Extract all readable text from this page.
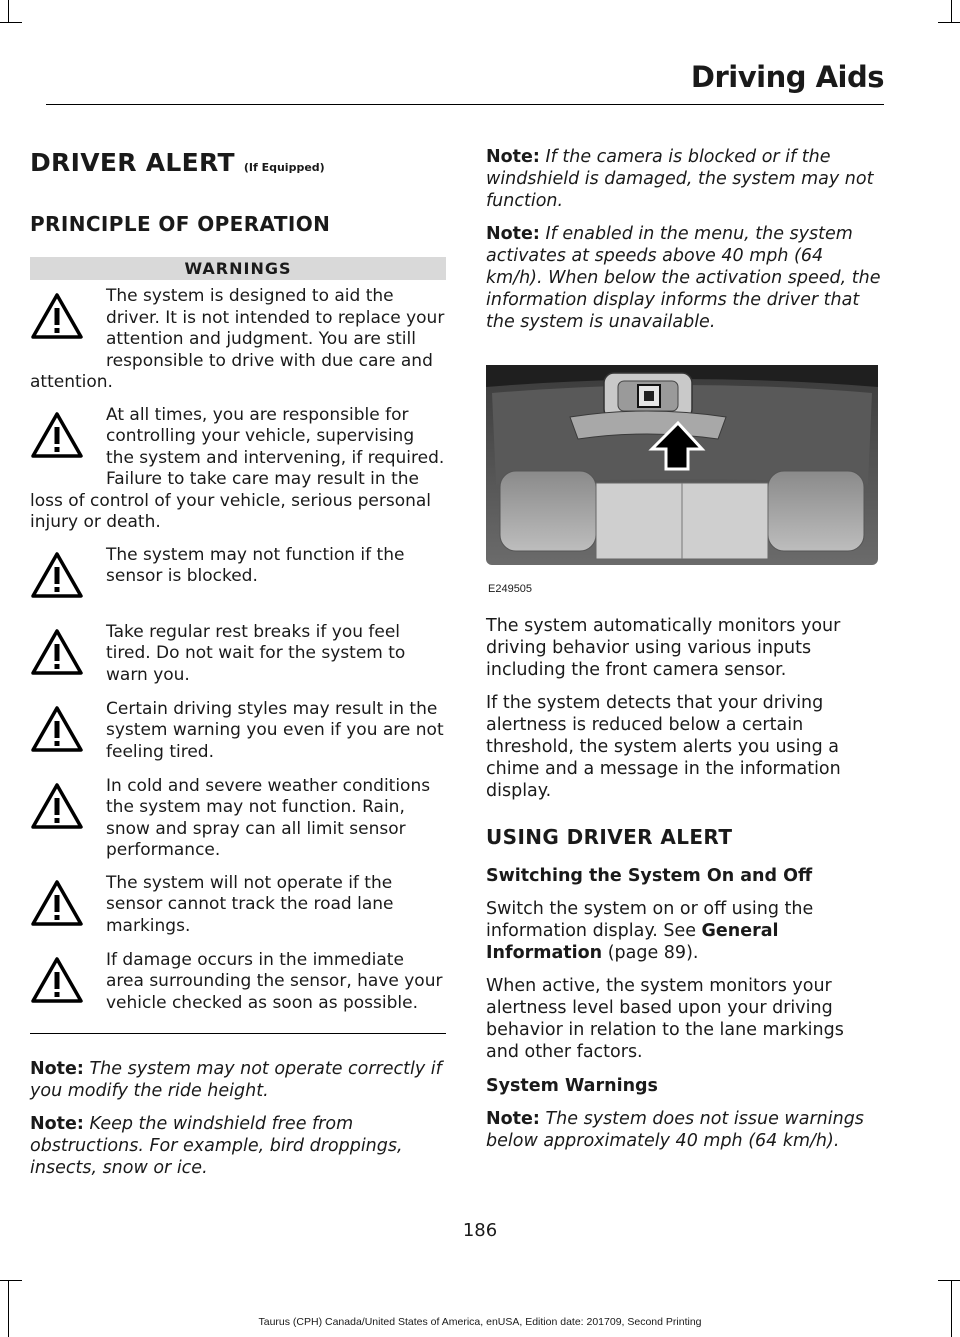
Driving Aids
DRIVER ALERT (If Equipped)
PRINCIPLE OF OPERATION
WARNINGS
The system is designed to aid the driver. It is not intended to replace your attention and judgment. You are still responsible to drive with due care and attention.
At all times, you are responsible for controlling your vehicle, supervising the system and intervening, if required. Failure to take care may result in the loss of control of your vehicle, serious personal injury or death.
The system may not function if the sensor is blocked.
Take regular rest breaks if you feel tired. Do not wait for the system to warn you.
Certain driving styles may result in the system warning you even if you are not feeling tired.
In cold and severe weather conditions the system may not function. Rain, snow and spray can all limit sensor performance.
The system will not operate if the sensor cannot track the road lane markings.
If damage occurs in the immediate area surrounding the sensor, have your vehicle checked as soon as possible.

Note: The system may not operate correctly if you modify the ride height.

Note: Keep the windshield free from obstructions. For example, bird droppings, insects, snow or ice.

Note: If the camera is blocked or if the windshield is damaged, the system may not function.

Note: If enabled in the menu, the system activates at speeds above 40 mph (64 km/h). When below the activation speed, the information display informs the driver that the system is unavailable.

E249505

The system automatically monitors your driving behavior using various inputs including the front camera sensor.

If the system detects that your driving alertness is reduced below a certain threshold, the system alerts you using a chime and a message in the information display.

USING DRIVER ALERT
Switching the System On and Off

Switch the system on or off using the information display. See General Information (page 89).

When active, the system monitors your alertness level based upon your driving behavior in relation to the lane markings and other factors.

System Warnings

Note: The system does not issue warnings below approximately 40 mph (64 km/h).

186
Taurus (CPH) Canada/United States of America, enUSA, Edition date: 201709, Second Printing
